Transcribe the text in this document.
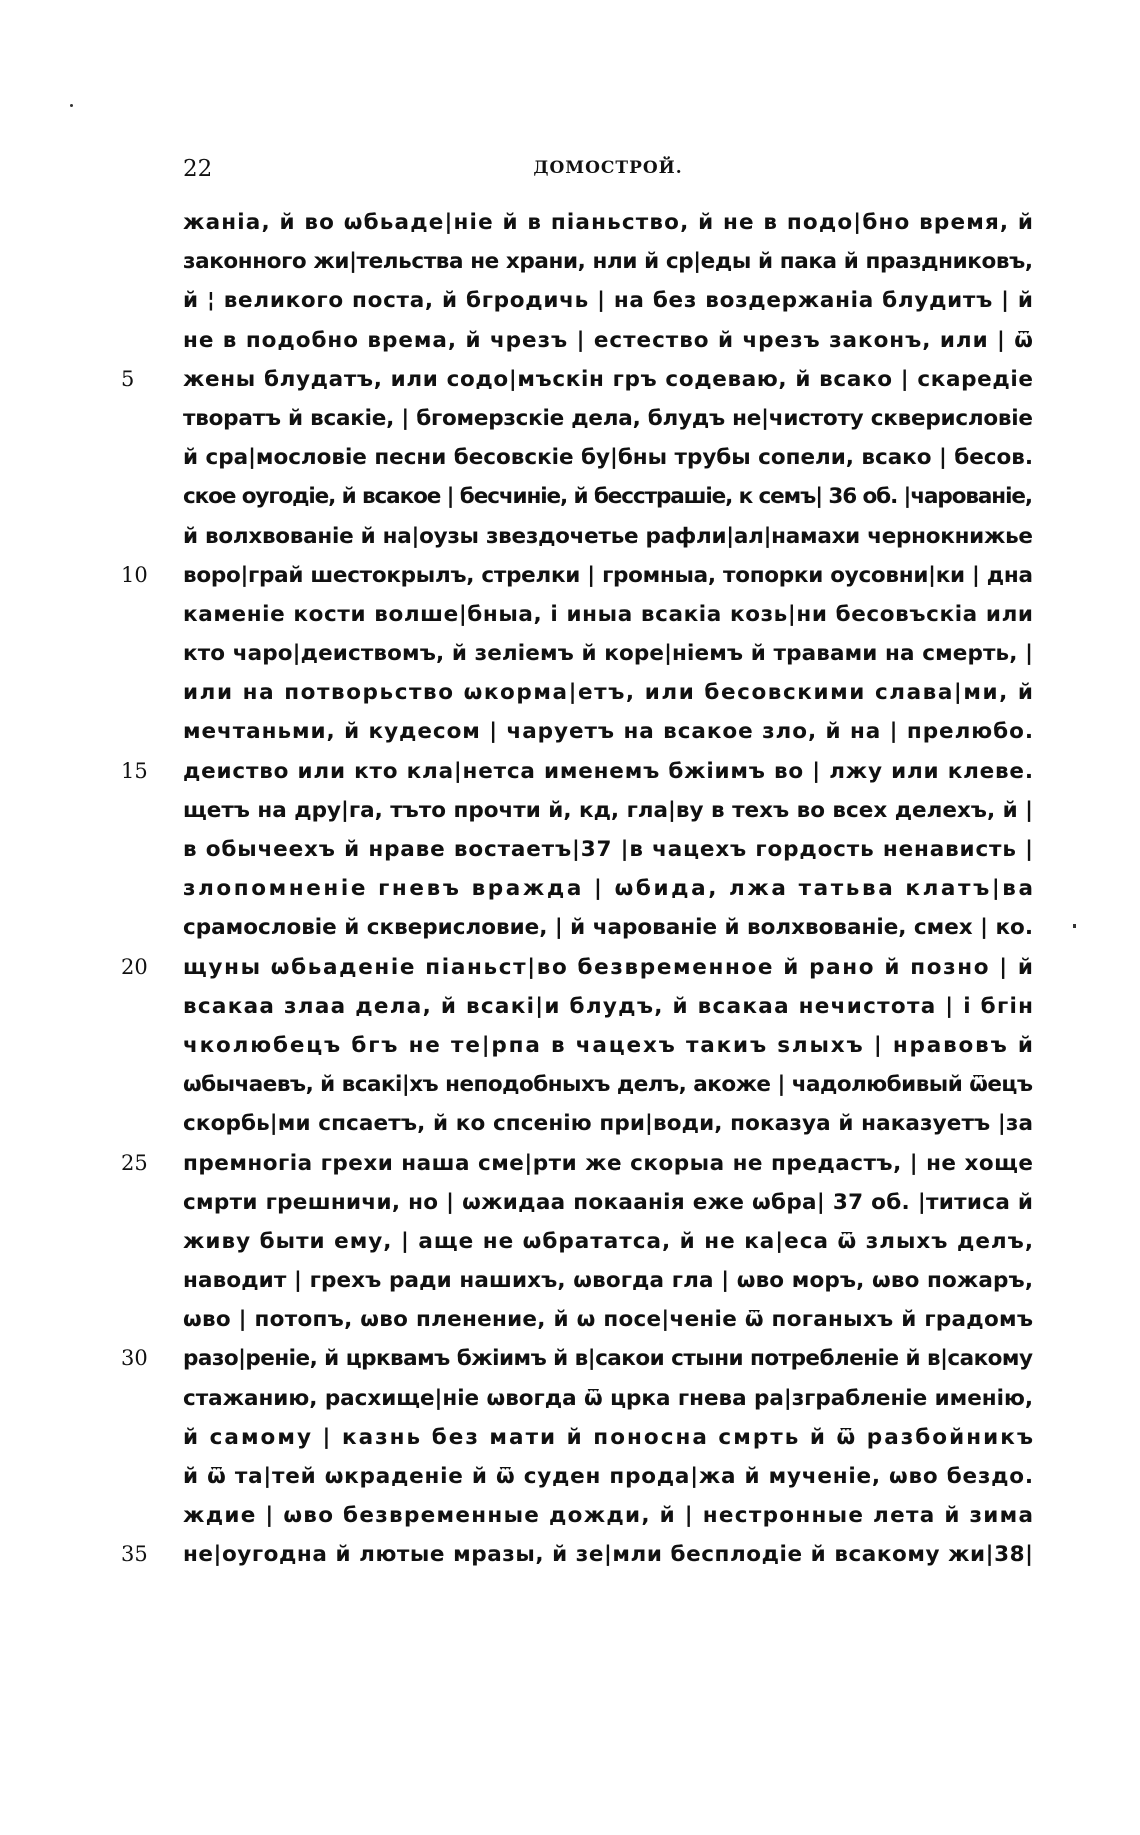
22	ДОМОСТРОЙ.
жаніа, й во ѡбьаде|ніе й в піаньство, й не в подо|бно время, й
законного жи|тельства не храни, нли й ср|еды й пака й праздниковъ,
й ¦ великого поста, й бгродичь | на без воздержаніа блудитъ | й
не в подобно врема, й чрезъ | естество й чрезъ законъ, или | ѿ
5	жены блудатъ, или содо|мъскін гръ содеваю, й всако | скаредіе
творатъ й всакіе, | бгомерзскіе дела, блудъ не|чистоту скверисловіе
й сра|мословіе песни бесовскіе бу|бны трубы сопели, всако | бесов.
ское оугодіе, й всакое | бесчиніе, й бесстрашіе, к семъ| 36 об. |чарованіе,
й волхвованіе й на|оузы звездочетье рафли|ал|намахи чернокнижье
10	воро|грай шестокрылъ, стрелки | громныа, топорки оусовни|ки | дна
каменіе кости волше|бныа, і иныа всакіа козь|ни бесовъскіа или
кто чаро|деиствомъ, й зеліемъ й коре|ніемъ й травами на смерть, |
или на потворьство ѡкорма|етъ, или бесовскими слава|ми, й
мечтаньми, й кудесом | чаруетъ на всакое зло, й на | прелюбо.
15	деиство или кто кла|нетса именемъ бжіимъ во | лжу или клеве.
щетъ на дру|га, тъто прочти й, кд, гла|ву в техъ во всех делехъ, й |
в обычеехъ й нраве востаетъ|37 |в чацехъ гордость ненависть |
злопомненіе гневъ вражда | ѡбида, лжа татьва клатъ|ва
срамословіе й скверисловие, | й чарованіе й волхвованіе, смех | ко.
20	щуны ѡбьаденіе піаньст|во безвременное й рано й позно | й
всакаа злаа дела, й всакі|и блудъ, й всакаа нечистота | і бгін
чколюбецъ бгъ не те|рпа в чацехъ такиъ ѕлыхъ | нравовъ й
ѡбычаевъ, й всакі|хъ неподобныхъ делъ, акоже | чадолюбивый ѿецъ
скорбь|ми спсаетъ, й ко спсенію при|води, показуа й наказуетъ |за
25	премногіа грехи наша сме|рти же скорыа не предастъ, | не хоще
смрти грешничи, но | ѡжидаа покаанія еже ѡбра| 37 об. |титиса й
живу быти ему, | аще не ѡбрататса, й не ка|еса ѿ злыхъ делъ,
наводит | грехъ ради нашихъ, ѡвогда гла | ѡво моръ, ѡво пожаръ,
ѡво | потопъ, ѡво пленение, й ѡ посе|ченіе ѿ поганыхъ й градомъ
30	разо|реніе, й црквамъ бжіимъ й в|сакои стыни потребленіе й в|сакому
стажанию, расхище|ніе ѡвогда ѿ црка гнева ра|зграбленіе именію,
й самому | казнь без мати й поносна смрть й ѿ разбойникъ
й ѿ та|тей ѡкраденіе й ѿ суден прода|жа й мученіе, ѡво бездо.
ждие | ѡво безвременные дожди, й | нестронные лета й зима
35	не|оугодна й лютые мразы, й зе|мли бесплодіе й всакому жи|38|
